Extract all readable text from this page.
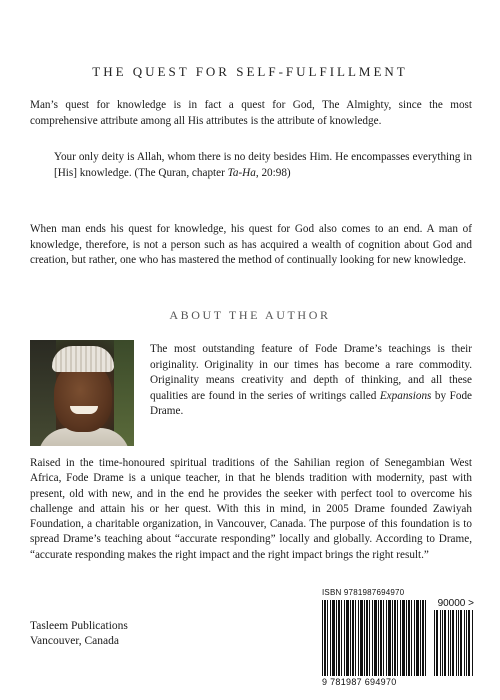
THE QUEST FOR SELF-FULFILLMENT

Man’s quest for knowledge is in fact a quest for God, The Almighty, since the most comprehensive attribute among all His attributes is the attribute of knowledge.

Your only deity is Allah, whom there is no deity besides Him. He encompasses everything in [His] knowledge. (The Quran, chapter Ta-Ha, 20:98)

When man ends his quest for knowledge, his quest for God also comes to an end. A man of knowledge, therefore, is not a person such as has acquired a wealth of cognition about God and creation, but rather, one who has mastered the method of continually looking for new knowledge.

ABOUT THE AUTHOR

The most outstanding feature of Fode Drame’s teachings is their originality. Originality in our times has become a rare commodity. Originality means creativity and depth of thinking, and all these qualities are found in the series of writings called Expansions by Fode Drame.

Raised in the time-honoured spiritual traditions of the Sahilian region of Senegambian West Africa, Fode Drame is a unique teacher, in that he blends tradition with modernity, past with present, old with new, and in the end he provides the seeker with perfect tool to overcome his challenge and attain his or her quest. With this in mind, in 2005 Drame founded Zawiyah Foundation, a charitable organization, in Vancouver, Canada. The purpose of this foundation is to spread Drame’s teaching about “accurate responding” locally and globally. According to Drame, “accurate responding makes the right impact and the right impact brings the right result.”

Tasleem Publications
Vancouver, Canada
ISBN 9781987694970
90000 >
9 781987 694970
